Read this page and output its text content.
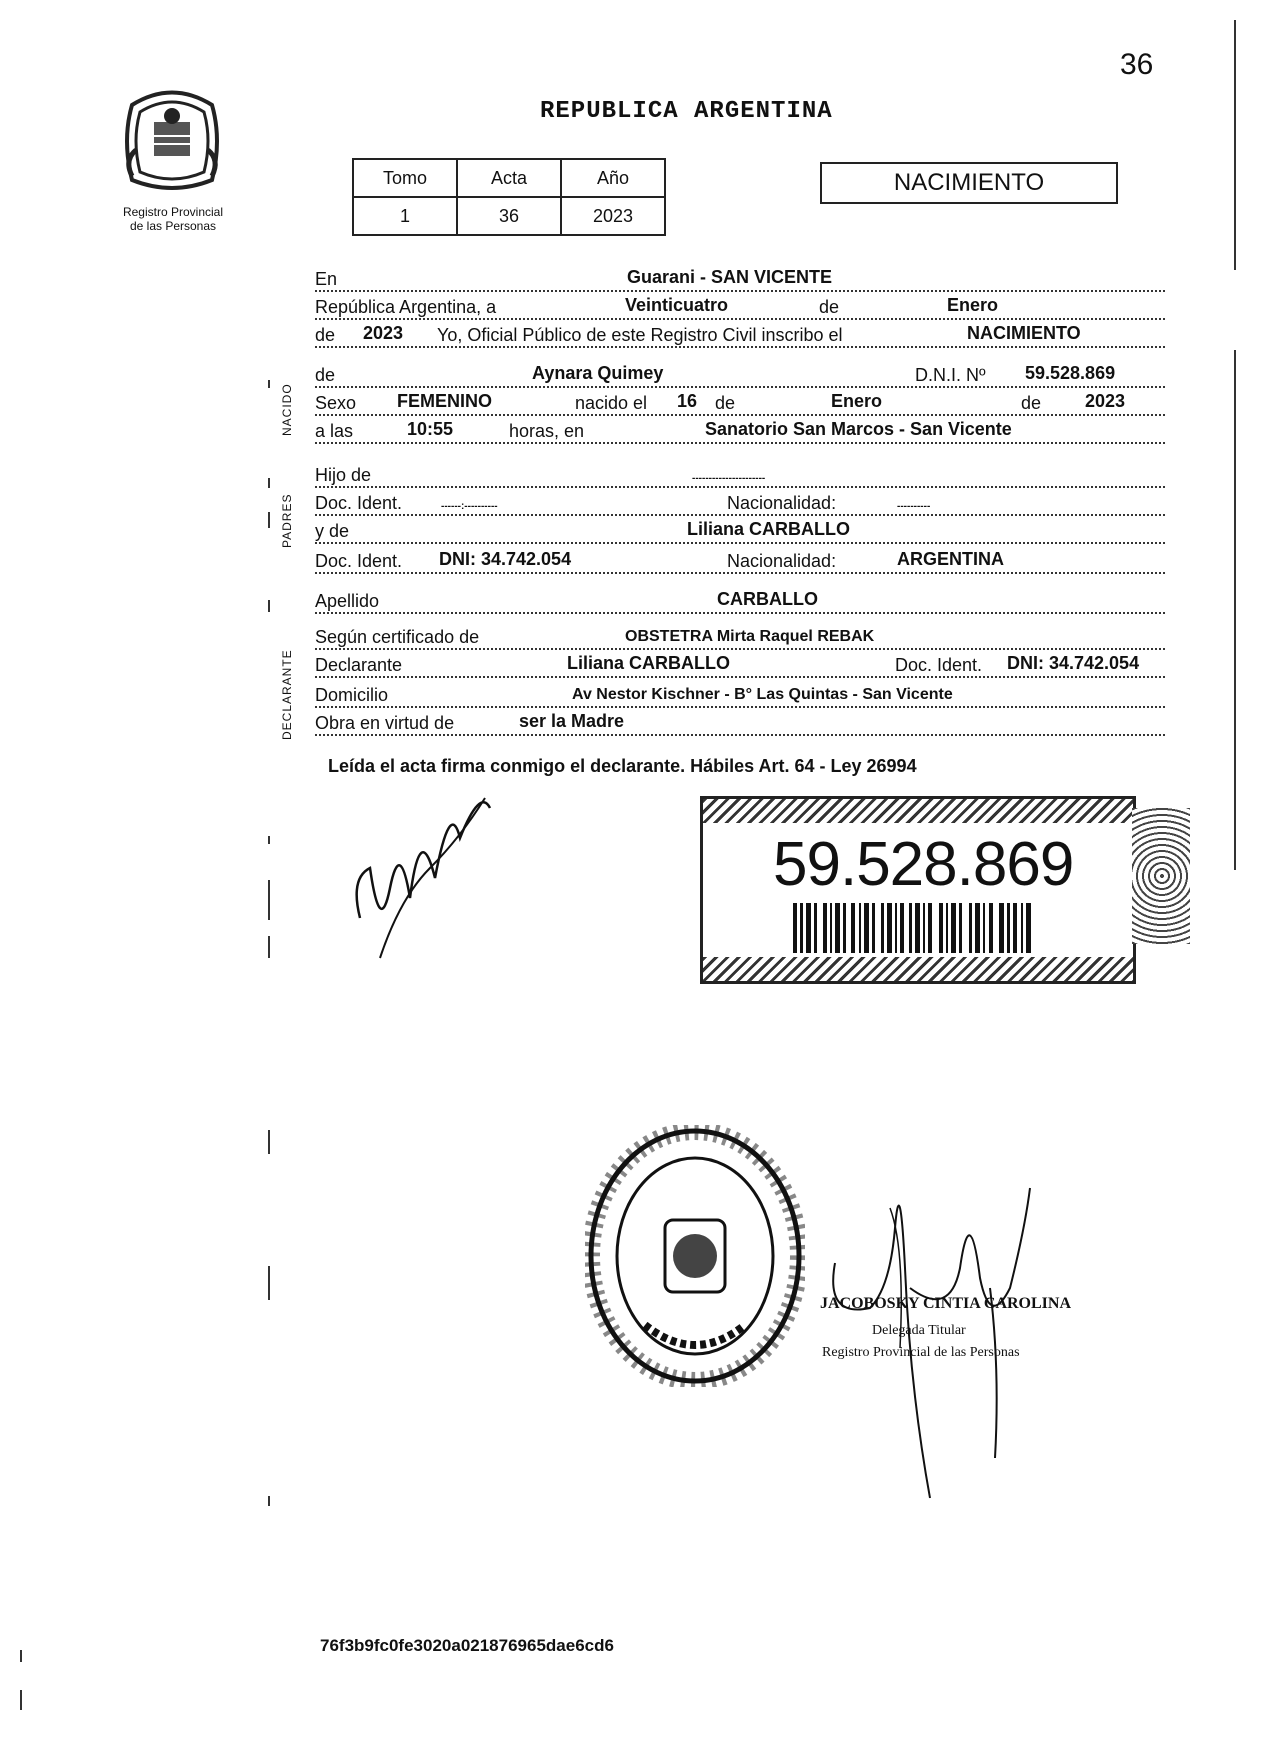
36
Registro Provincial
de las Personas
REPUBLICA ARGENTINA
Tomo	Acta	Año
1	36	2023
NACIMIENTO
En	Guarani - SAN VICENTE
República Argentina, a	Veinticuatro	de	Enero
de 2023 Yo, Oficial Público de este Registro Civil inscribo el	NACIMIENTO
de	Aynara Quimey	D.N.I. Nº 59.528.869
Sexo FEMENINO	nacido el 16 de	Enero	de 2023
a las	10:55	horas, en	Sanatorio San Marcos - San Vicente
Hijo de	----------------------
Doc. Ident.	------:----------	Nacionalidad:	----------
y de	Liliana CARBALLO
Doc. Ident. DNI: 34.742.054	Nacionalidad:	ARGENTINA
Apellido	CARBALLO
Según certificado de	OBSTETRA Mirta Raquel REBAK
Declarante	Liliana CARBALLO	Doc. Ident. DNI: 34.742.054
Domicilio	Av Nestor Kischner - B° Las Quintas - San Vicente
Obra en virtud de	ser la Madre
NACIDO
PADRES
DECLARANTE
Leída el acta firma conmigo el declarante. Hábiles Art. 64 - Ley 26994
59.528.869
JACOBOSKY CINTIA CAROLINA
Delegada Titular
Registro Provincial de las Personas
76f3b9fc0fe3020a021876965dae6cd6
